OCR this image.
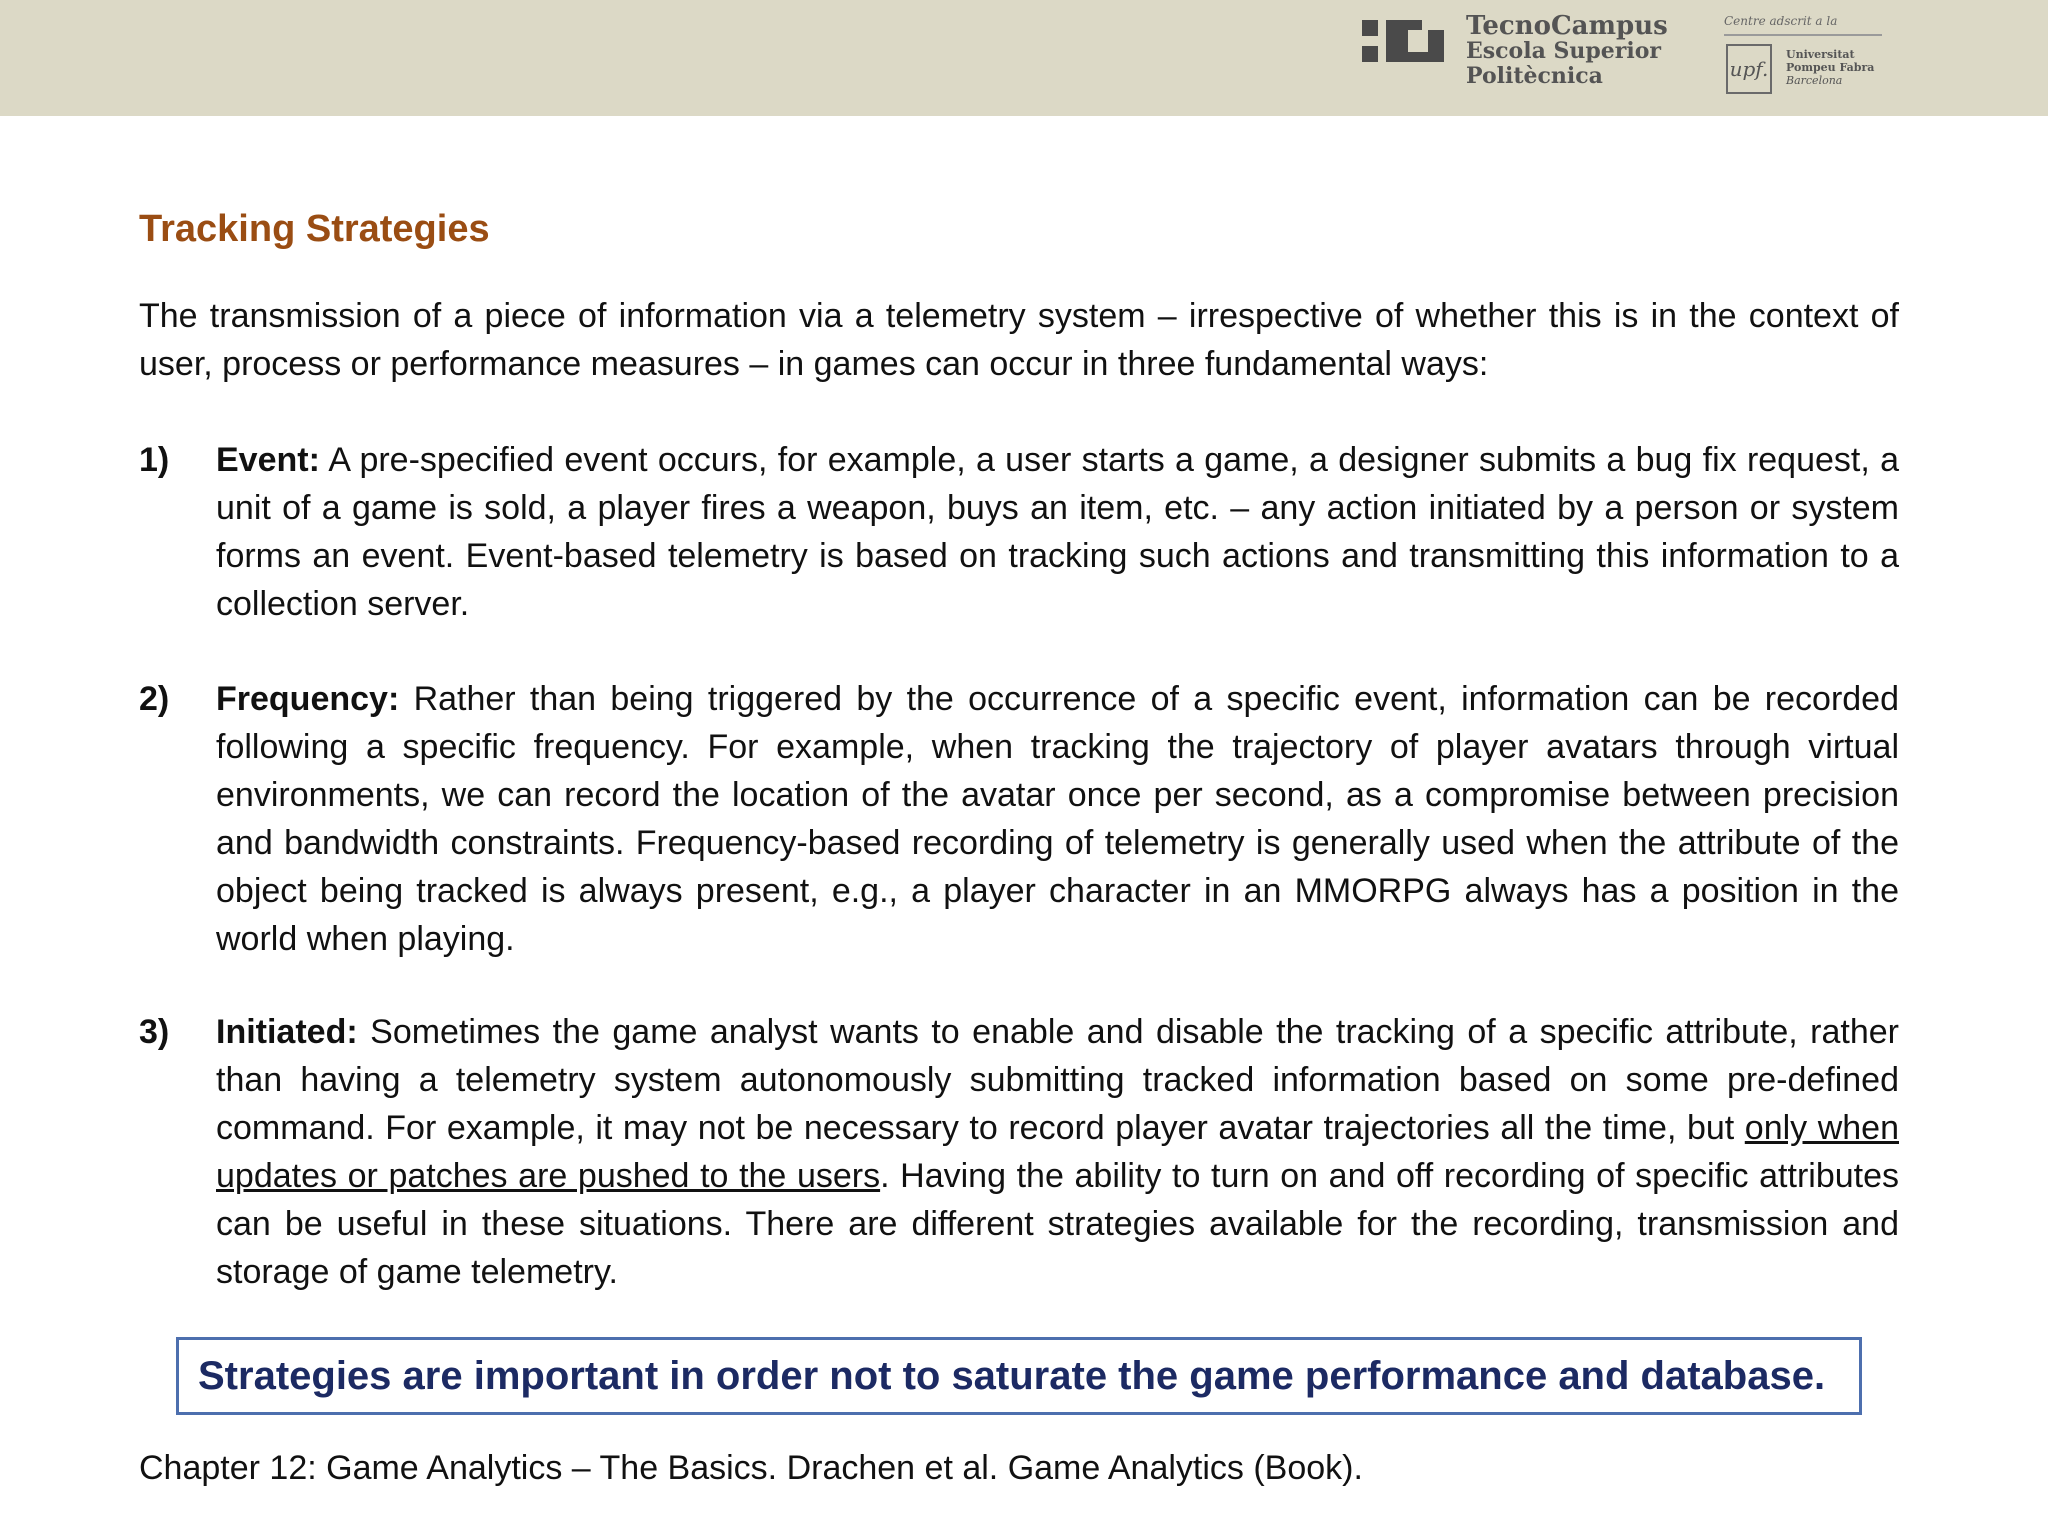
TecnoCampus
Escola Superior
Politècnica
Centre adscrit a la
upf.
Universitat
Pompeu Fabra
Barcelona
Tracking Strategies
The transmission of a piece of information via a telemetry system – irrespective of whether this is in the context of user, process or performance measures – in games can occur in three fundamental ways:
1) Event: A pre-specified event occurs, for example, a user starts a game, a designer submits a bug fix request, a unit of a game is sold, a player fires a weapon, buys an item, etc. – any action initiated by a person or system forms an event. Event-based telemetry is based on tracking such actions and transmitting this information to a collection server.
2) Frequency: Rather than being triggered by the occurrence of a specific event, information can be recorded following a specific frequency. For example, when tracking the trajectory of player avatars through virtual environments, we can record the location of the avatar once per second, as a compromise between precision and bandwidth constraints. Frequency-based recording of telemetry is generally used when the attribute of the object being tracked is always present, e.g., a player character in an MMORPG always has a position in the world when playing.
3) Initiated: Sometimes the game analyst wants to enable and disable the tracking of a specific attribute, rather than having a telemetry system autonomously submitting tracked information based on some pre-defined command. For example, it may not be necessary to record player avatar trajectories all the time, but only when updates or patches are pushed to the users. Having the ability to turn on and off recording of specific attributes can be useful in these situations. There are different strategies available for the recording, transmission and storage of game telemetry.
Strategies are important in order not to saturate the game performance and database.
Chapter 12: Game Analytics – The Basics. Drachen et al. Game Analytics (Book).
